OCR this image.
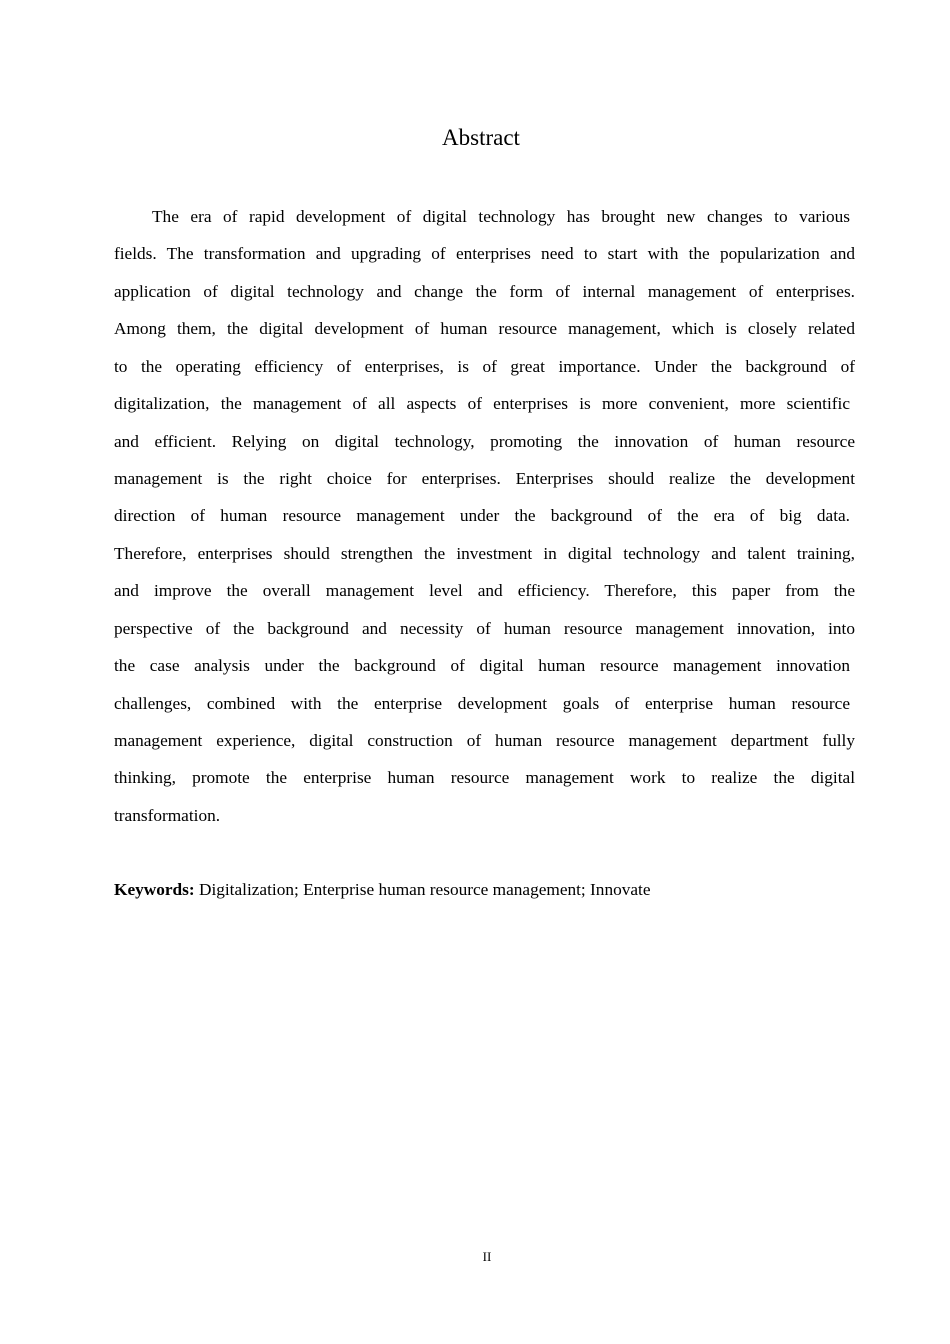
Abstract
The era of rapid development of digital technology has brought new changes to various
fields. The transformation and upgrading of enterprises need to start with the popularization and
application of digital technology and change the form of internal management of enterprises.
Among them, the digital development of human resource management, which is closely related
to the operating efficiency of enterprises, is of great importance. Under the background of
digitalization, the management of all aspects of enterprises is more convenient, more scientific
and efficient. Relying on digital technology, promoting the innovation of human resource
management is the right choice for enterprises. Enterprises should realize the development
direction of human resource management under the background of the era of big data.
Therefore, enterprises should strengthen the investment in digital technology and talent training,
and improve the overall management level and efficiency. Therefore, this paper from the
perspective of the background and necessity of human resource management innovation, into
the case analysis under the background of digital human resource management innovation
challenges, combined with the enterprise development goals of enterprise human resource
management experience, digital construction of human resource management department fully
thinking, promote the enterprise human resource management work to realize the digital
transformation.

Keywords: Digitalization; Enterprise human resource management; Innovate

II
